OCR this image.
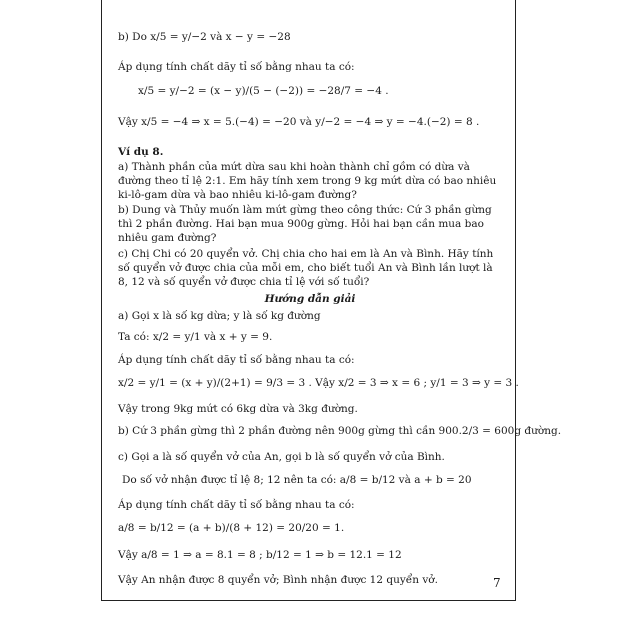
b) Do x/5 = y/−2 và x − y = −28
Áp dụng tính chất dãy tỉ số bằng nhau ta có:
x/5 = y/−2 = (x − y)/(5 − (−2)) = −28/7 = −4 .
Vậy x/5 = −4 ⇒ x = 5.(−4) = −20 và y/−2 = −4 ⇒ y = −4.(−2) = 8 .
Ví dụ 8.
a) Thành phần của mứt dừa sau khi hoàn thành chỉ gồm có dừa và đường theo tỉ lệ 2:1. Em hãy tính xem trong 9 kg mứt dừa có bao nhiêu ki-lô-gam dừa và bao nhiêu ki-lô-gam đường?
b) Dung và Thủy muốn làm mứt gừng theo công thức: Cứ 3 phần gừng thì 2 phần đường. Hai bạn mua 900g gừng. Hỏi hai bạn cần mua bao nhiêu gam đường?
c) Chị Chi có 20 quyển vở. Chị chia cho hai em là An và Bình. Hãy tính số quyển vở được chia của mỗi em, cho biết tuổi An và Bình lần lượt là 8, 12 và số quyển vở được chia tỉ lệ với số tuổi?
Hướng dẫn giải
a) Gọi x là số kg dừa; y là số kg đường
Ta có: x/2 = y/1 và x + y = 9.
Áp dụng tính chất dãy tỉ số bằng nhau ta có:
x/2 = y/1 = (x + y)/(2+1) = 9/3 = 3 . Vậy x/2 = 3 ⇒ x = 6 ; y/1 = 3 ⇒ y = 3 .
Vậy trong 9kg mứt có 6kg dừa và 3kg đường.
b) Cứ 3 phần gừng thì 2 phần đường nên 900g gừng thì cần 900.2/3 = 600g đường.
c) Gọi a là số quyển vở của An, gọi b là số quyển vở của Bình.
Do số vở nhận được tỉ lệ 8; 12 nên ta có: a/8 = b/12 và a + b = 20
Áp dụng tính chất dãy tỉ số bằng nhau ta có:
a/8 = b/12 = (a + b)/(8 + 12) = 20/20 = 1.
Vậy a/8 = 1 ⇒ a = 8.1 = 8 ; b/12 = 1 ⇒ b = 12.1 = 12
Vậy An nhận được 8 quyển vở; Bình nhận được 12 quyển vở.	7
